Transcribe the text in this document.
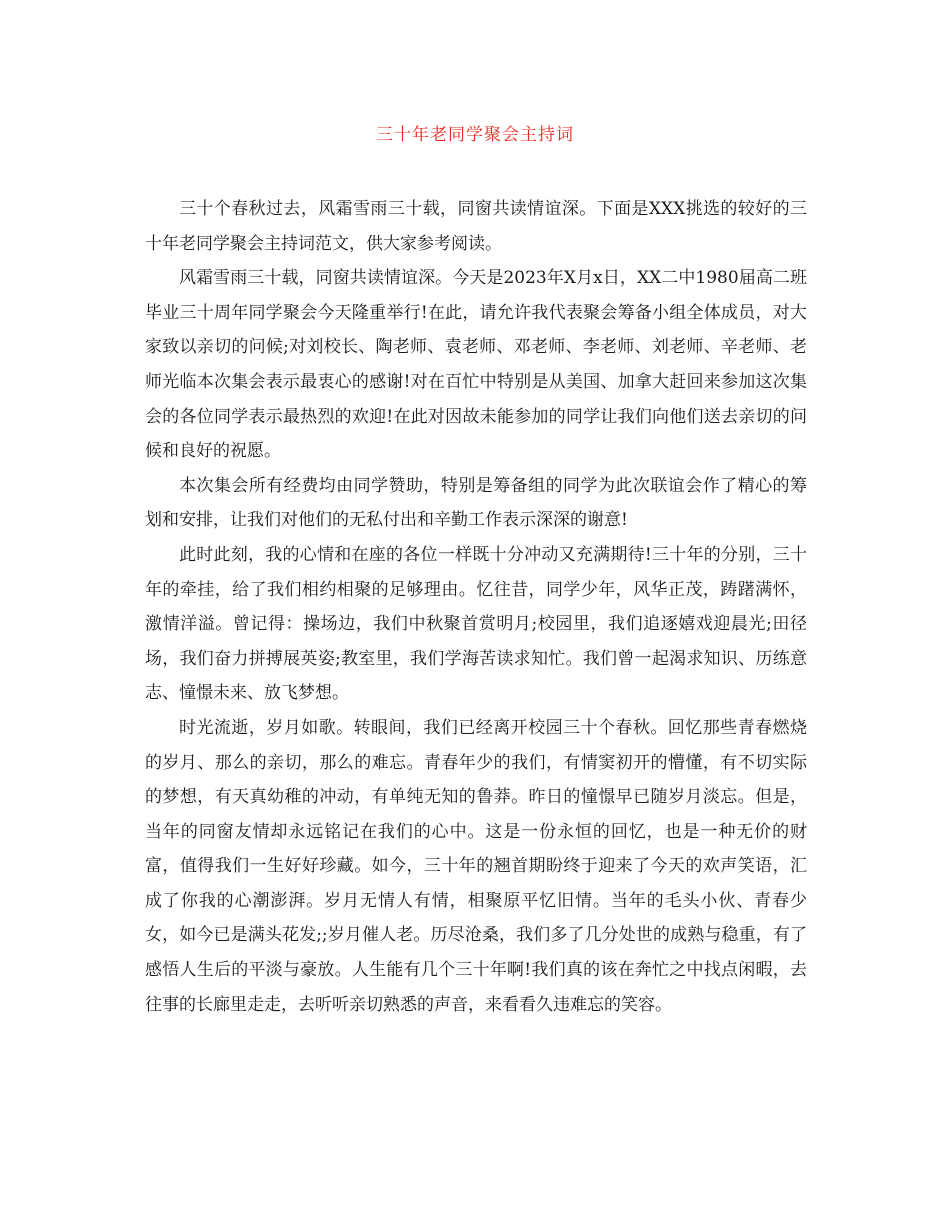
三十年老同学聚会主持词

三十个春秋过去，风霜雪雨三十载，同窗共读情谊深。下面是XXX挑选的较好的三十年老同学聚会主持词范文，供大家参考阅读。

风霜雪雨三十载，同窗共读情谊深。今天是2023年X月x日，XX二中1980届高二班毕业三十周年同学聚会今天隆重举行!在此，请允许我代表聚会筹备小组全体成员，对大家致以亲切的问候;对刘校长、陶老师、袁老师、邓老师、李老师、刘老师、辛老师、老师光临本次集会表示最衷心的感谢!对在百忙中特别是从美国、加拿大赶回来参加这次集会的各位同学表示最热烈的欢迎!在此对因故未能参加的同学让我们向他们送去亲切的问候和良好的祝愿。

本次集会所有经费均由同学赞助，特别是筹备组的同学为此次联谊会作了精心的筹划和安排，让我们对他们的无私付出和辛勤工作表示深深的谢意!

此时此刻，我的心情和在座的各位一样既十分冲动又充满期待!三十年的分别，三十年的牵挂，给了我们相约相聚的足够理由。忆往昔，同学少年，风华正茂，踌躇满怀，激情洋溢。曾记得：操场边，我们中秋聚首赏明月;校园里，我们追逐嬉戏迎晨光;田径场，我们奋力拼搏展英姿;教室里，我们学海苦读求知忙。我们曾一起渴求知识、历练意志、憧憬未来、放飞梦想。

时光流逝，岁月如歌。转眼间，我们已经离开校园三十个春秋。回忆那些青春燃烧的岁月、那么的亲切，那么的难忘。青春年少的我们，有情窦初开的懵懂，有不切实际的梦想，有天真幼稚的冲动，有单纯无知的鲁莽。昨日的憧憬早已随岁月淡忘。但是，当年的同窗友情却永远铭记在我们的心中。这是一份永恒的回忆，也是一种无价的财富，值得我们一生好好珍藏。如今，三十年的翘首期盼终于迎来了今天的欢声笑语，汇成了你我的心潮澎湃。岁月无情人有情，相聚原平忆旧情。当年的毛头小伙、青春少女，如今已是满头花发;;岁月催人老。历尽沧桑，我们多了几分处世的成熟与稳重，有了感悟人生后的平淡与豪放。人生能有几个三十年啊!我们真的该在奔忙之中找点闲暇，去往事的长廊里走走，去听听亲切熟悉的声音，来看看久违难忘的笑容。
